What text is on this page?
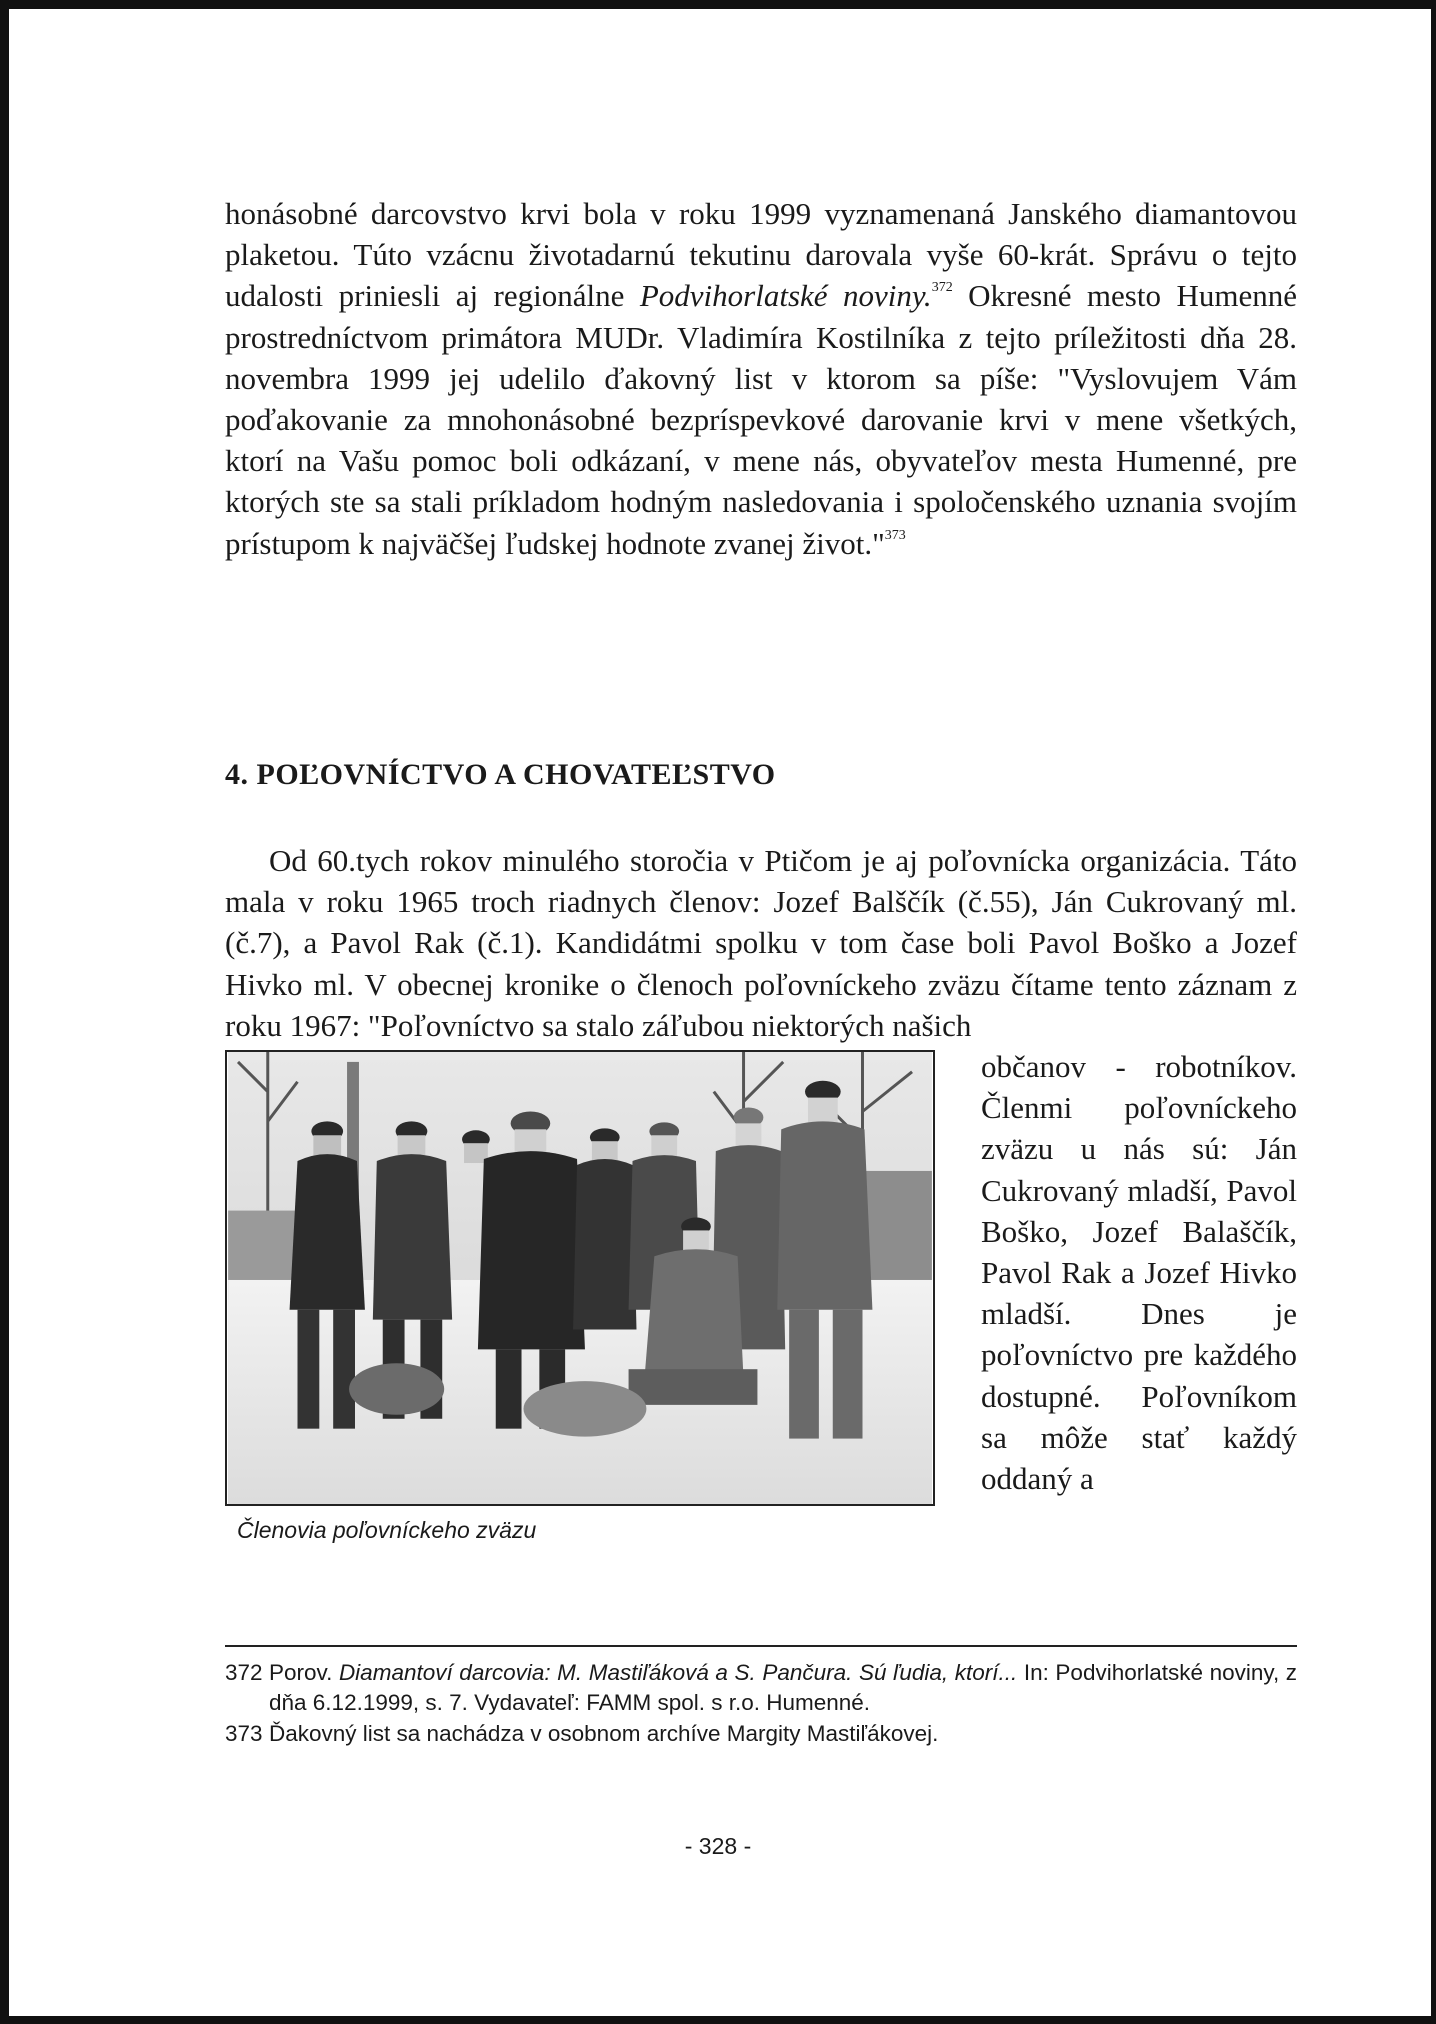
honásobné darcovstvo krvi bola v roku 1999 vyznamenaná Janského diamantovou plaketou. Túto vzácnu životadarnú tekutinu darovala vyše 60-krát. Správu o tejto udalosti priniesli aj regionálne Podvihorlatské noviny.$^{372}$ Okresné mesto Humenné prostredníctvom primátora MUDr. Vladimíra Kostilníka z tejto príležitosti dňa 28. novembra 1999 jej udelilo ďakovný list v ktorom sa píše: "Vyslovujem Vám poďakovanie za mnohonásobné bezpríspevkové darovanie krvi v mene všetkých, ktorí na Vašu pomoc boli odkázaní, v mene nás, obyvateľov mesta Humenné, pre ktorých ste sa stali príkladom hodným nasledovania i spoločenského uznania svojím prístupom k najväčšej ľudskej hodnote zvanej život."$^{373}$

4. POĽOVNÍCTVO A CHOVATEĽSTVO

Od 60.tych rokov minulého storočia v Ptičom je aj poľovnícka organizácia. Táto mala v roku 1965 troch riadnych členov: Jozef Balščík (č.55), Ján Cukrovaný ml. (č.7), a Pavol Rak (č.1). Kandidátmi spolku v tom čase boli Pavol Boško a Jozef Hivko ml. V obecnej kronike o členoch poľovníckeho zväzu čítame tento záznam z roku 1967: "Poľovníctvo sa stalo záľubou niektorých našich

Členovia poľovníckeho zväzu

občanov - robotníkov. Členmi poľovníckeho zväzu u nás sú: Ján Cukrovaný mladší, Pavol Boško, Jozef Balaščík, Pavol Rak a Jozef Hivko mladší. Dnes je poľovníctvo pre každého dostupné. Poľovníkom sa môže stať každý oddaný a

372 Porov. Diamantoví darcovia: M. Mastiľáková a S. Pančura. Sú ľudia, ktorí... In: Podvihorlatské noviny, z dňa 6.12.1999, s. 7. Vydavateľ: FAMM spol. s r.o. Humenné.
373 Ďakovný list sa nachádza v osobnom archíve Margity Mastiľákovej.
- 328 -
